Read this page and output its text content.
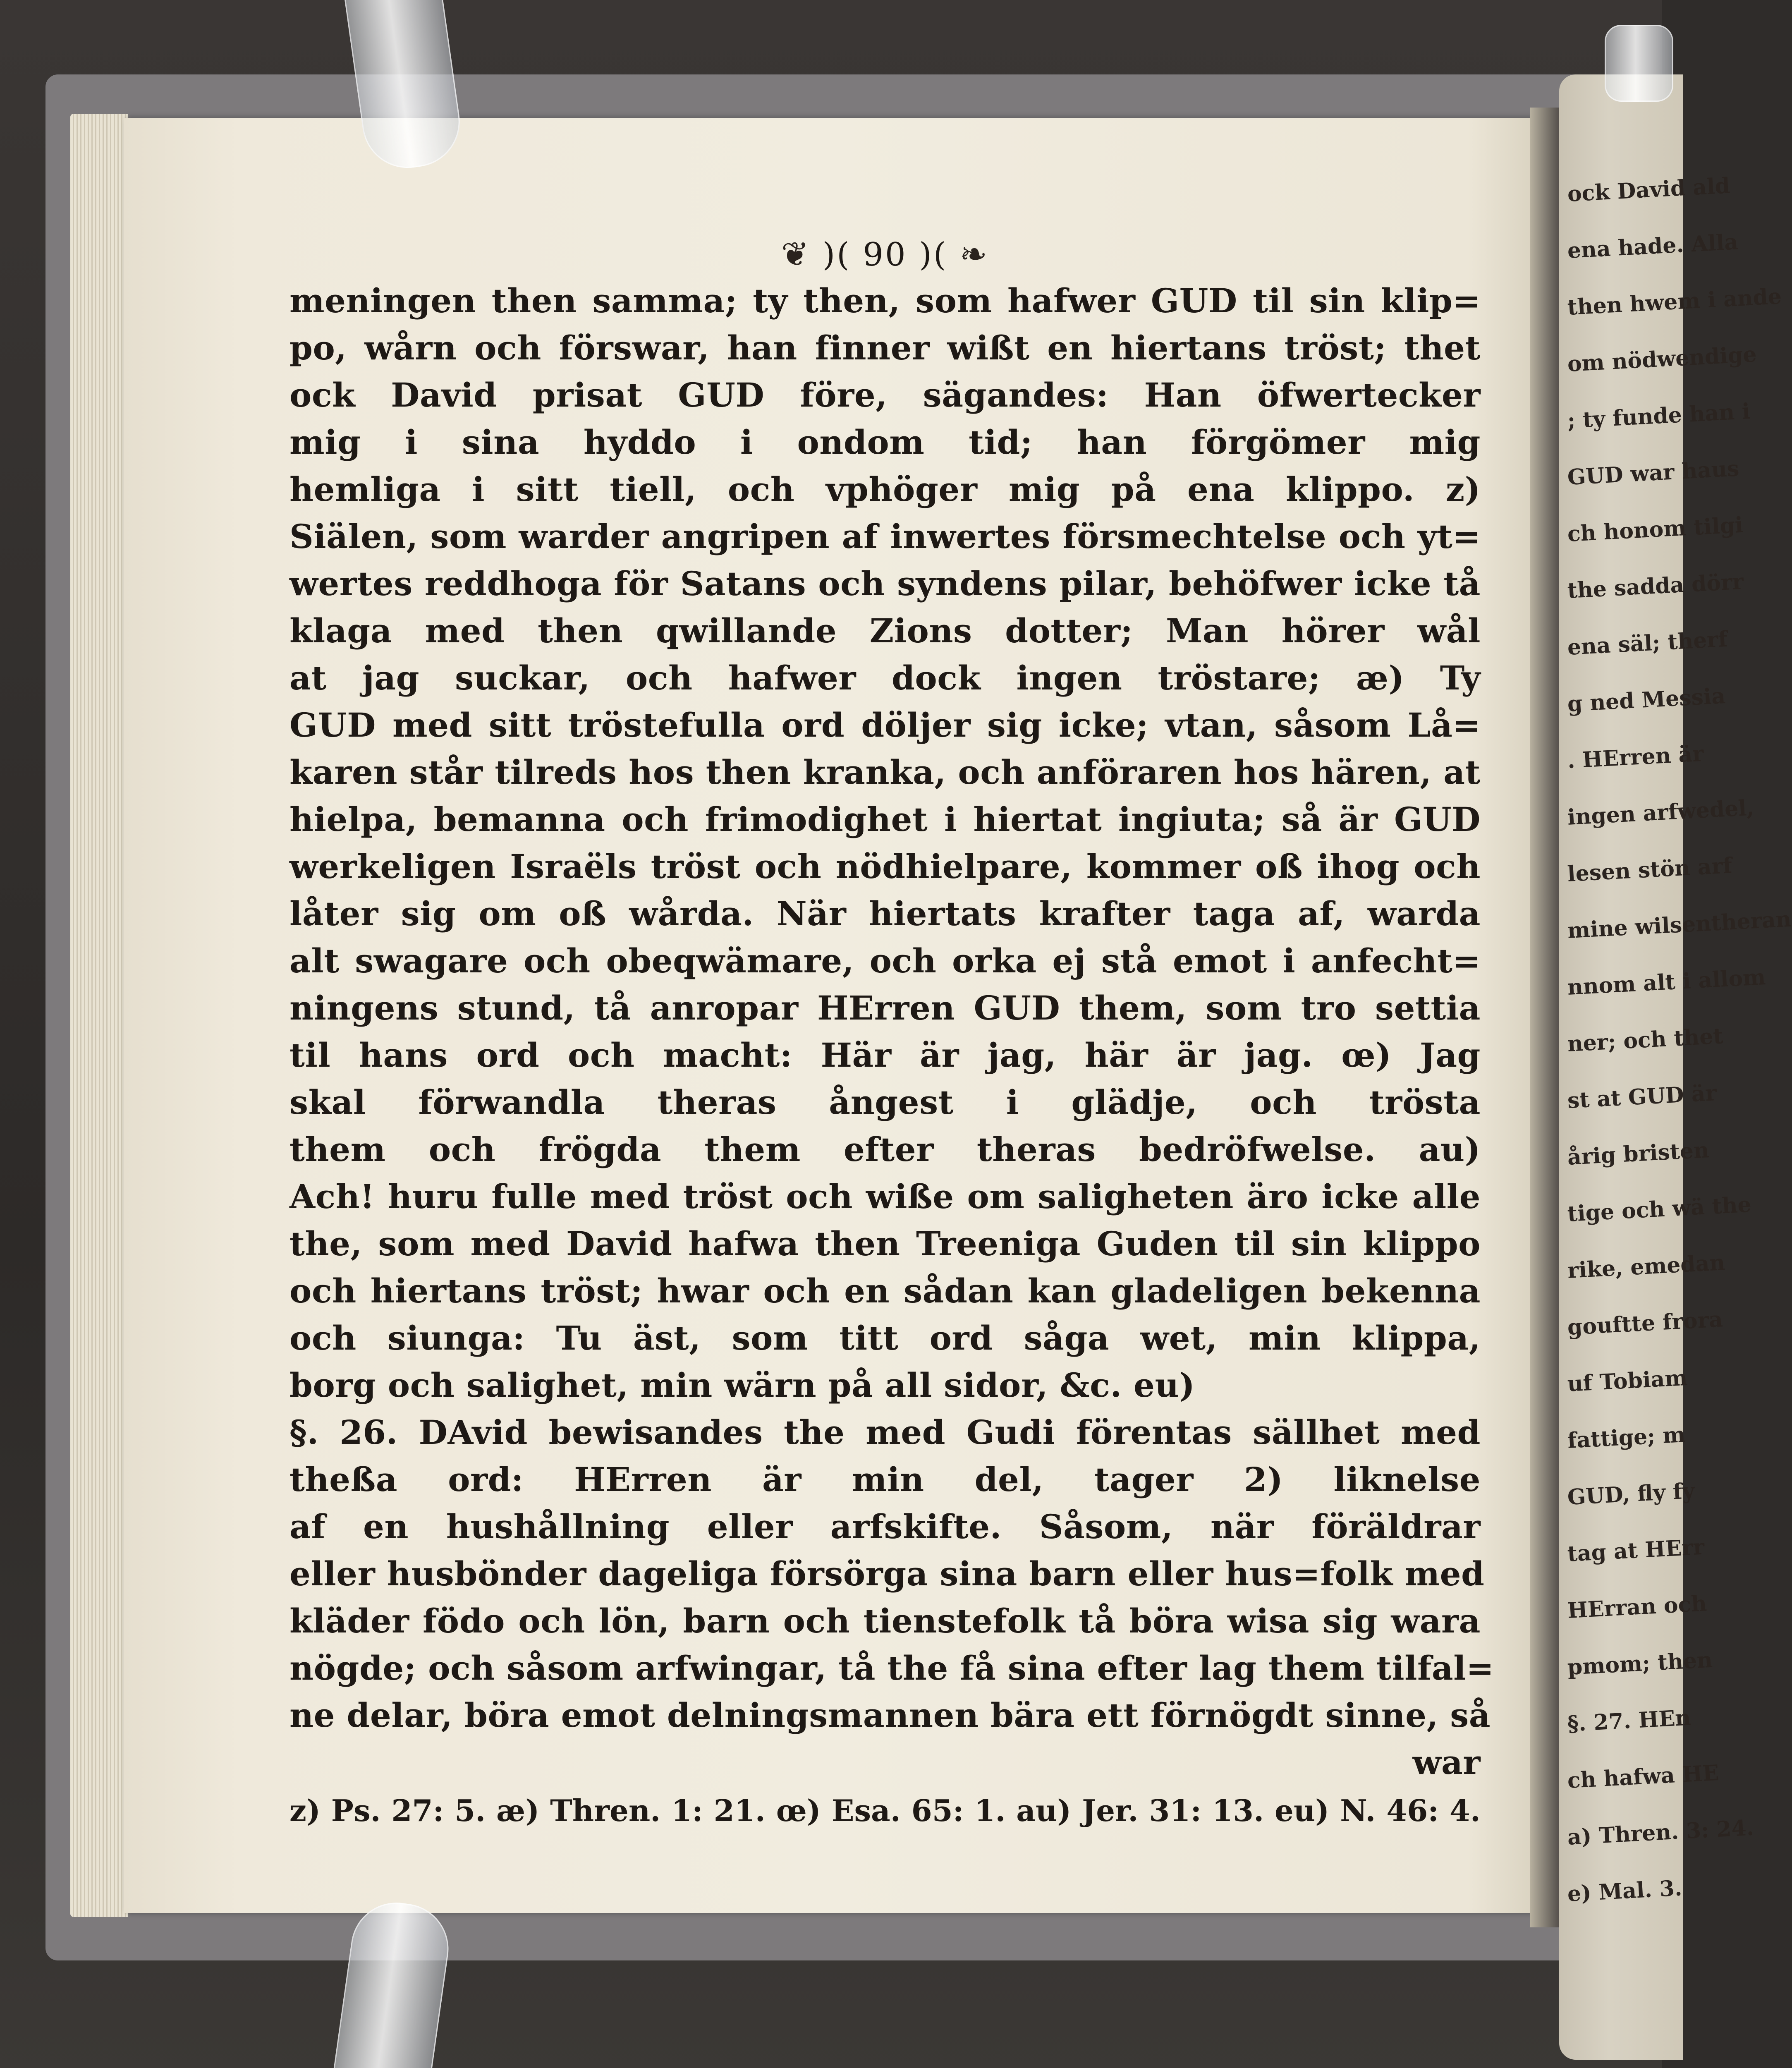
ock David ald
ena hade. Alla
then hwem i ande
om nödwendige
; ty funde han i
GUD war haus
ch honom tilgi
the sadda dörr
ena säl; therf
g ned Messia
. HErren är
ingen arfwedel,
lesen stön arf
mine wilsentheran
nnom alt i allom
ner; och thet
st at GUD är
årig bristen
tige och wä the
rike, emedan
gouftte frora
uf Tobiam
fattige; m
GUD, fly fy
tag at HErr
HErran och
pmom; then
§. 27. HEn
ch hafwa HE
a) Thren. 3: 24.
e) Mal. 3.
❦ )( 90 )( ❧
meningen then samma; ty then, som hafwer GUD til sin klip=
po, wårn och förswar, han finner wißt en hiertans tröst; thet
ock David prisat GUD före, sägandes: Han öfwertecker
mig i sina hyddo i ondom tid; han förgömer mig
hemliga i sitt tiell, och vphöger mig på ena klippo. z)
Siälen, som warder angripen af inwertes försmechtelse och yt=
wertes reddhoga för Satans och syndens pilar, behöfwer icke tå
klaga med then qwillande Zions dotter; Man hörer wål
at jag suckar, och hafwer dock ingen tröstare; æ) Ty
GUD med sitt tröstefulla ord döljer sig icke; vtan, såsom Lå=
karen står tilreds hos then kranka, och anföraren hos hären, at
hielpa, bemanna och frimodighet i hiertat ingiuta; så är GUD
werkeligen Israëls tröst och nödhielpare, kommer oß ihog och
låter sig om oß wårda. När hiertats krafter taga af, warda
alt swagare och obeqwämare, och orka ej stå emot i anfecht=
ningens stund, tå anropar HErren GUD them, som tro settia
til hans ord och macht: Här är jag, här är jag. œ) Jag
skal förwandla theras ångest i glädje, och trösta
them och frögda them efter theras bedröfwelse. au)
Ach! huru fulle med tröst och wiße om saligheten äro icke alle
the, som med David hafwa then Treeniga Guden til sin klippo
och hiertans tröst; hwar och en sådan kan gladeligen bekenna
och siunga: Tu äst, som titt ord såga wet, min klippa,
borg och salighet, min wärn på all sidor, &c. eu)
§. 26. DAvid bewisandes the med Gudi förentas sällhet med
theßa ord: HErren är min del, tager 2) liknelse
af en hushållning eller arfskifte. Såsom, när föräldrar
eller husbönder dageliga försörga sina barn eller hus=folk med
kläder födo och lön, barn och tienstefolk tå böra wisa sig wara
nögde; och såsom arfwingar, tå the få sina efter lag them tilfal=
ne delar, böra emot delningsmannen bära ett förnögdt sinne, så
war
z) Ps. 27: 5. æ) Thren. 1: 21. œ) Esa. 65: 1. au) Jer. 31: 13. eu) N. 46: 4.
